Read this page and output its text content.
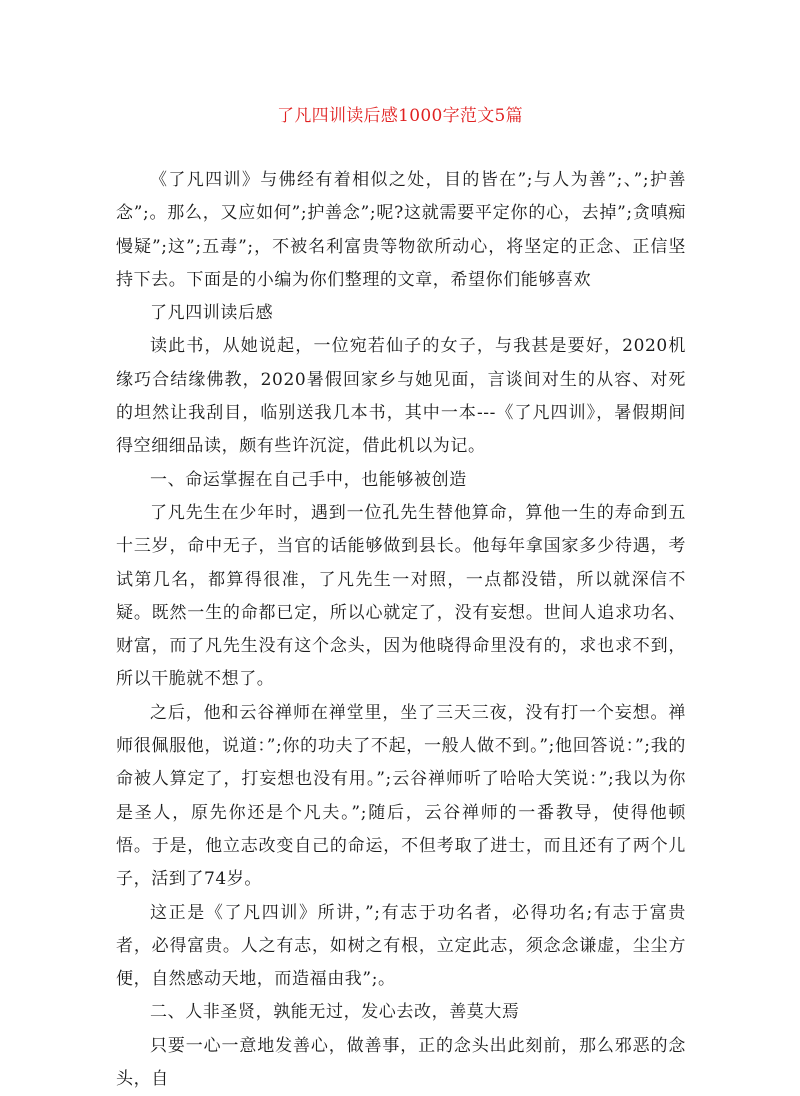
了凡四训读后感1000字范文5篇

《了凡四训》与佛经有着相似之处，目的皆在”;与人为善”;、”;护善念”;。那么，又应如何”;护善念”;呢?这就需要平定你的心，去掉”;贪嗔痴慢疑”;这”;五毒”;，不被名利富贵等物欲所动心，将坚定的正念、正信坚持下去。下面是的小编为你们整理的文章，希望你们能够喜欢

了凡四训读后感

读此书，从她说起，一位宛若仙子的女子，与我甚是要好，2020机缘巧合结缘佛教，2020暑假回家乡与她见面，言谈间对生的从容、对死的坦然让我刮目，临别送我几本书，其中一本---《了凡四训》，暑假期间得空细细品读，颇有些许沉淀，借此机以为记。

一、命运掌握在自己手中，也能够被创造

了凡先生在少年时，遇到一位孔先生替他算命，算他一生的寿命到五十三岁，命中无子，当官的话能够做到县长。他每年拿国家多少待遇，考试第几名，都算得很准，了凡先生一对照，一点都没错，所以就深信不疑。既然一生的命都已定，所以心就定了，没有妄想。世间人追求功名、财富，而了凡先生没有这个念头，因为他晓得命里没有的，求也求不到，所以干脆就不想了。

之后，他和云谷禅师在禅堂里，坐了三天三夜，没有打一个妄想。禅师很佩服他，说道：”;你的功夫了不起，一般人做不到。”;他回答说：”;我的命被人算定了，打妄想也没有用。”;云谷禅师听了哈哈大笑说：”;我以为你是圣人，原先你还是个凡夫。”;随后，云谷禅师的一番教导，使得他顿悟。于是，他立志改变自己的命运，不但考取了进士，而且还有了两个儿子，活到了74岁。

这正是《了凡四训》所讲，”;有志于功名者，必得功名;有志于富贵者，必得富贵。人之有志，如树之有根，立定此志，须念念谦虚，尘尘方便，自然感动天地，而造福由我”;。

二、人非圣贤，孰能无过，发心去改，善莫大焉

只要一心一意地发善心，做善事，正的念头出此刻前，那么邪恶的念头，自
